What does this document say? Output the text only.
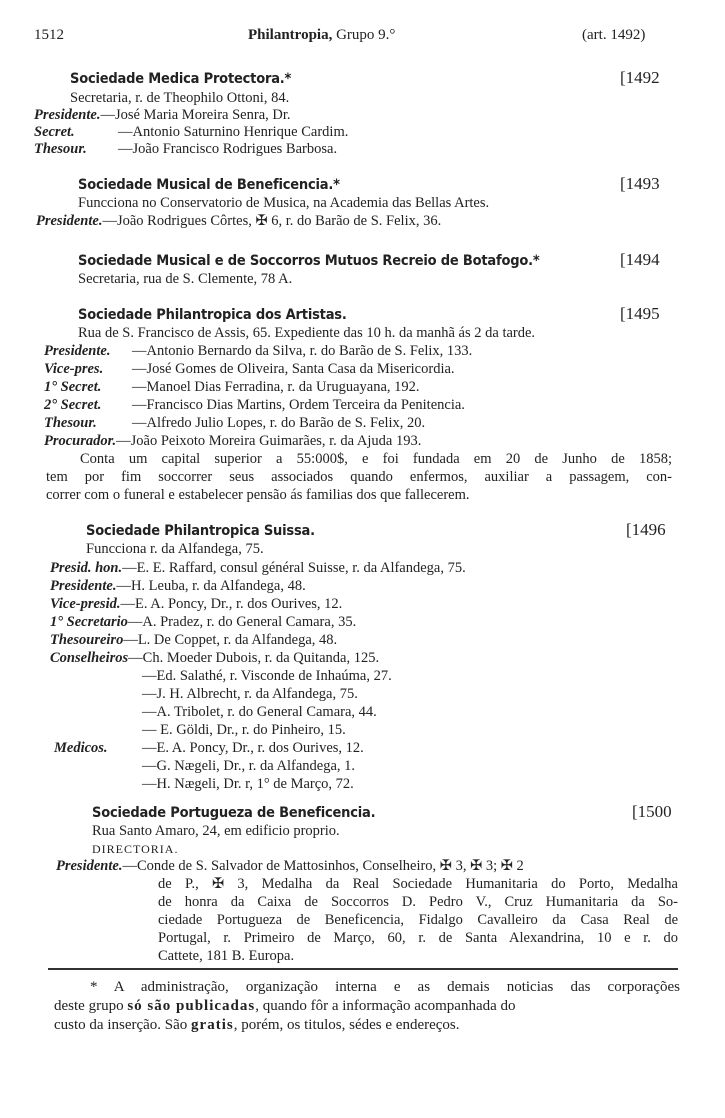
1512	Philantropia, Grupo 9.°	(art. 1492)
Sociedade Medica Protectora.*	[1492
Secretaria, r. de Theophilo Ottoni, 84.
Presidente.—José Maria Moreira Senra, Dr.
Secret.	—Antonio Saturnino Henrique Cardim.
Thesour. —João Francisco Rodrigues Barbosa.
Sociedade Musical de Beneficencia.*	[1493
Funcciona no Conservatorio de Musica, na Academia das Bellas Artes.
Presidente.—João Rodrigues Côrtes, ✠ 6, r. do Barão de S. Felix, 36.
Sociedade Musical e de Soccorros Mutuos Recreio de Botafogo.*	[1494
Secretaria, rua de S. Clemente, 78 A.
Sociedade Philantropica dos Artistas.	[1495
Rua de S. Francisco de Assis, 65. Expediente das 10 h. da manhã ás 2 da tarde.
Presidente. —Antonio Bernardo da Silva, r. do Barão de S. Felix, 133.
Vice-pres. —José Gomes de Oliveira, Santa Casa da Misericordia.
1° Secret. —Manoel Dias Ferradina, r. da Uruguayana, 192.
2° Secret. —Francisco Dias Martins, Ordem Terceira da Penitencia.
Thesour. —Alfredo Julio Lopes, r. do Barão de S. Felix, 20.
Procurador.—João Peixoto Moreira Guimarães, r. da Ajuda 193.
Conta um capital superior a 55:000$, e foi fundada em 20 de Junho de 1858;
tem por fim soccorrer seus associados quando enfermos, auxiliar a passagem, con-
correr com o funeral e estabelecer pensão ás familias dos que fallecerem.
Sociedade Philantropica Suissa.	[1496
Funcciona r. da Alfandega, 75.
Presid. hon.—E. E. Raffard, consul général Suisse, r. da Alfandega, 75.
Presidente.—H. Leuba, r. da Alfandega, 48.
Vice-presid.—E. A. Poncy, Dr., r. dos Ourives, 12.
1° Secretario—A. Pradez, r. do General Camara, 35.
Thesoureiro—L. De Coppet, r. da Alfandega, 48.
Conselheiros—Ch. Moeder Dubois, r. da Quitanda, 125.
—Ed. Salathé, r. Visconde de Inhaúma, 27.
—J. H. Albrecht, r. da Alfandega, 75.
—A. Tribolet, r. do General Camara, 44.
— E. Göldi, Dr., r. do Pinheiro, 15.
Medicos. —E. A. Poncy, Dr., r. dos Ourives, 12.
—G. Nægeli, Dr., r. da Alfandega, 1.
—H. Nægeli, Dr. r, 1° de Março, 72.
Sociedade Portugueza de Beneficencia.	[1500
Rua Santo Amaro, 24, em edificio proprio.
DIRECTORIA.
Presidente.—Conde de S. Salvador de Mattosinhos, Conselheiro, ✠ 3, ✠ 3; ✠ 2
de P., ✠ 3, Medalha da Real Sociedade Humanitaria do Porto, Medalha
de honra da Caixa de Soccorros D. Pedro V., Cruz Humanitaria da So-
ciedade Portugueza de Beneficencia, Fidalgo Cavalleiro da Casa Real de
Portugal, r. Primeiro de Março, 60, r. de Santa Alexandrina, 10 e r. do
Cattete, 181 B. Europa.
* A administração, organização interna e as demais noticias das corporações
deste grupo só são publicadas, quando fôr a informação acompanhada do
custo da inserção. São gratis, porém, os titulos, sédes e endereços.
